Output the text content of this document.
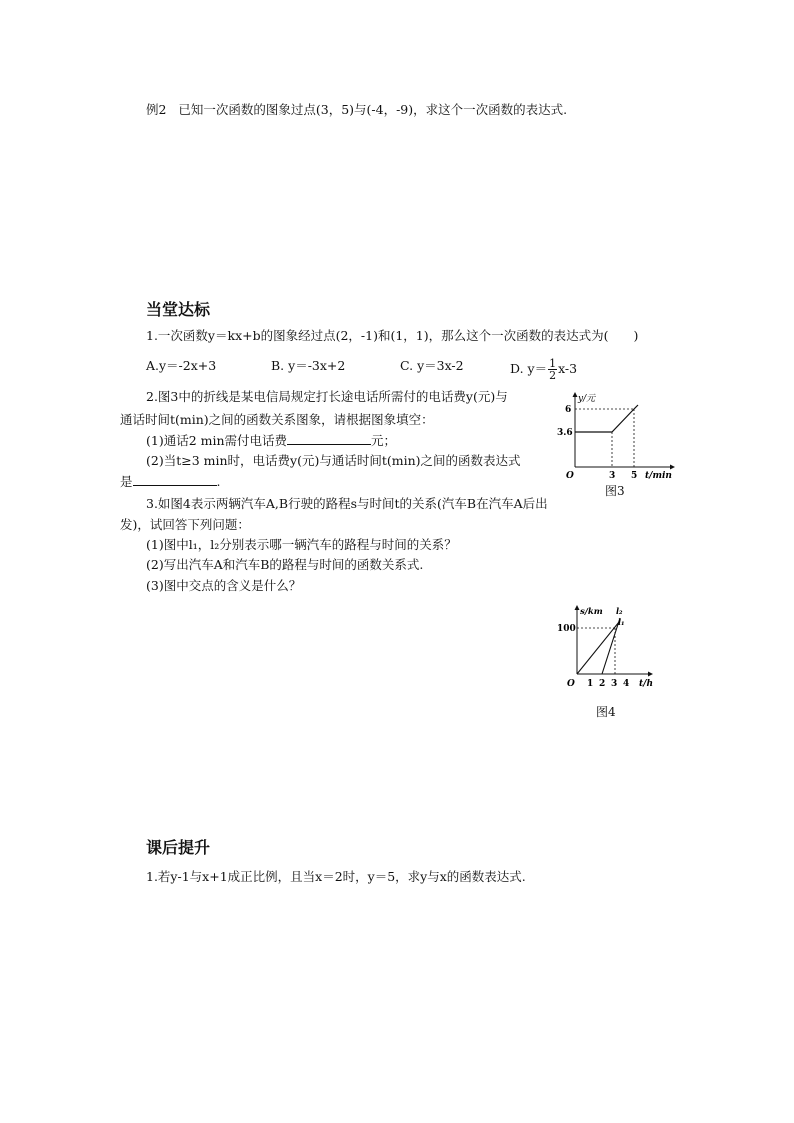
例2 已知一次函数的图象过点(3，5)与(-4，-9)，求这个一次函数的表达式.
当堂达标
1.一次函数y＝kx+b的图象经过点(2，-1)和(1，1)，那么这个一次函数的表达式为(　　)
A.y＝-2x+3	B. y＝-3x+2	C. y＝3x-2	D. $y= \frac{1}{2} x-3$
2.图3中的折线是某电信局规定打长途电话所需付的电话费y(元)与
通话时间t(min)之间的函数关系图象，请根据图象填空：
(1)通话2 min需付电话费	元；
(2)当t≥3 min时，电话费y(元)与通话时间t(min)之间的函数表达式
是	.
y/元
6
3.6
O	3 5 t/min
图3
3.如图4表示两辆汽车A,B行驶的路程s与时间t的关系(汽车B在汽车A后出
发)，试回答下列问题：
(1)图中l₁，l₂分别表示哪一辆汽车的路程与时间的关系？
(2)写出汽车A和汽车B的路程与时间的函数关系式.
(3)图中交点的含义是什么？
s/km
100
l₂
l₁
O 1 2 3 4 t/h
图4
课后提升
1.若y-1与x+1成正比例，且当x＝2时，y＝5，求y与x的函数表达式.
